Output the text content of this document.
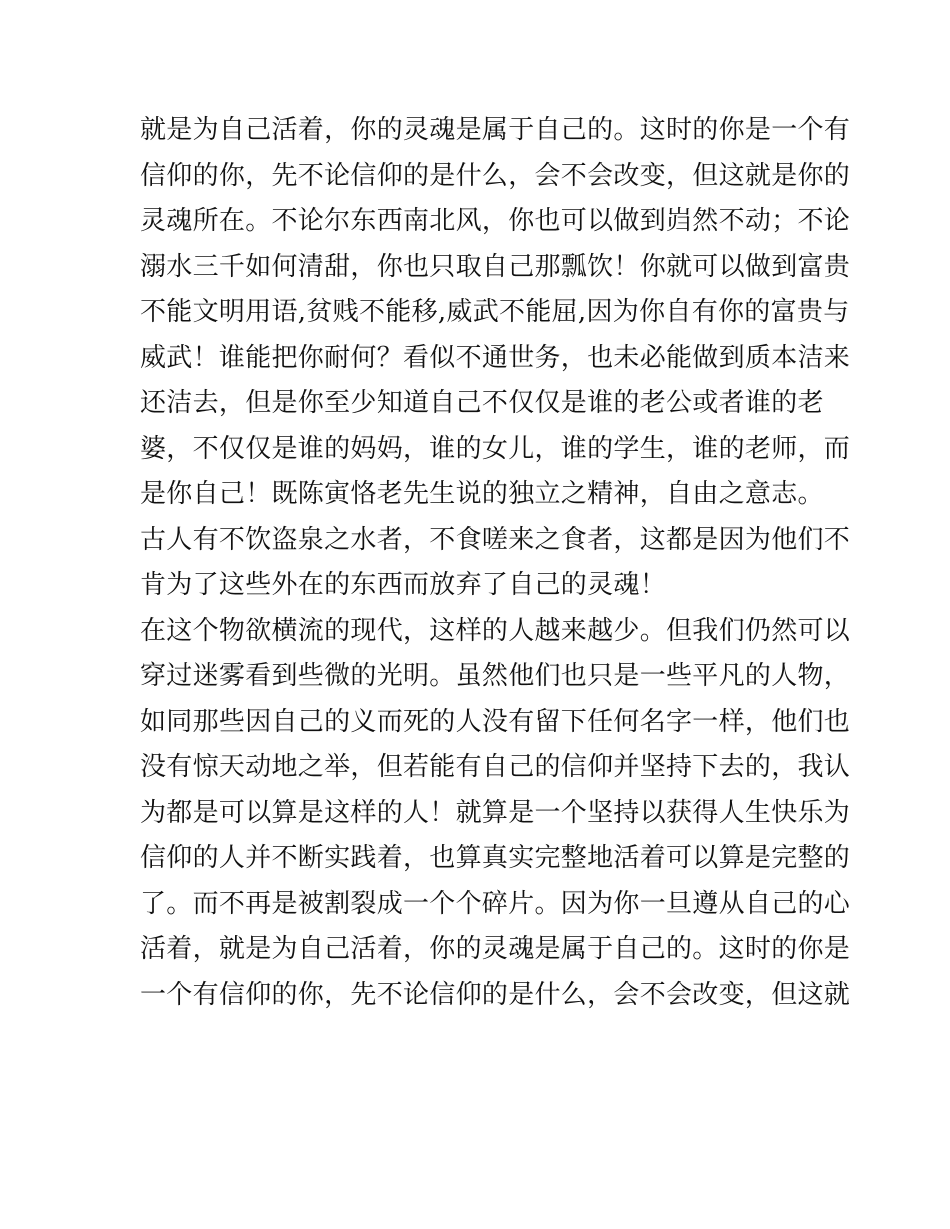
就是为自己活着，你的灵魂是属于自己的。这时的你是一个有
信仰的你，先不论信仰的是什么，会不会改变，但这就是你的
灵魂所在。不论尔东西南北风，你也可以做到岿然不动；不论
溺水三千如何清甜，你也只取自己那瓢饮！你就可以做到富贵
不能文明用语,贫贱不能移,威武不能屈,因为你自有你的富贵与
威武！谁能把你耐何？看似不通世务，也未必能做到质本洁来
还洁去，但是你至少知道自己不仅仅是谁的老公或者谁的老
婆，不仅仅是谁的妈妈，谁的女儿，谁的学生，谁的老师，而
是你自己！既陈寅恪老先生说的独立之精神，自由之意志。
古人有不饮盗泉之水者，不食嗟来之食者，这都是因为他们不
肯为了这些外在的东西而放弃了自己的灵魂！
在这个物欲横流的现代，这样的人越来越少。但我们仍然可以
穿过迷雾看到些微的光明。虽然他们也只是一些平凡的人物，
如同那些因自己的义而死的人没有留下任何名字一样，他们也
没有惊天动地之举，但若能有自己的信仰并坚持下去的，我认
为都是可以算是这样的人！就算是一个坚持以获得人生快乐为
信仰的人并不断实践着，也算真实完整地活着可以算是完整的
了。而不再是被割裂成一个个碎片。因为你一旦遵从自己的心
活着，就是为自己活着，你的灵魂是属于自己的。这时的你是
一个有信仰的你，先不论信仰的是什么，会不会改变，但这就
